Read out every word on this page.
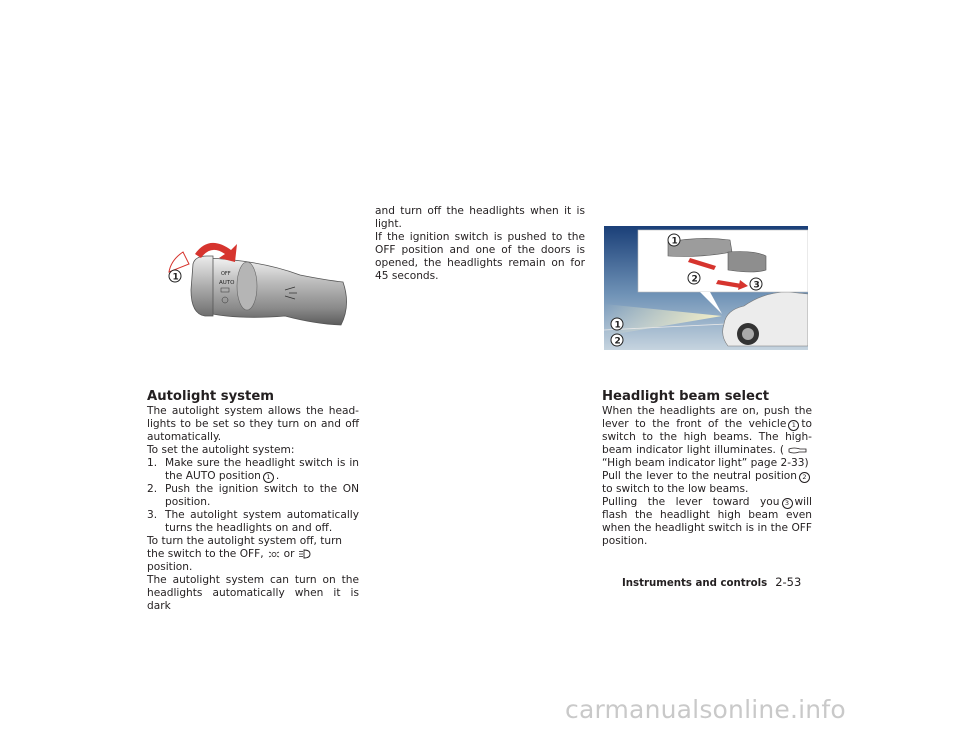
OFF
AUTO
1
1
2
3
1
2
Autolight system

The autolight system allows the head-lights to be set so they turn on and off automatically.

To set the autolight system:

1. Make sure the headlight switch is in the AUTO position 1 .

2. Push the ignition switch to the ON position.

3. The autolight system automatically turns the headlights on and off.

To turn the autolight system off, turn the switch to the OFF, orposition.

The autolight system can turn on the headlights automatically when it is dark

and turn off the headlights when it is light.

If the ignition switch is pushed to the OFF position and one of the doors is opened, the headlights remain on for 45 seconds.

Headlight beam select

When the headlights are on, push the lever to the front of the vehicle 1 to switch to the high beams. The high-beam indicator light illuminates. (“High beam indicator light” page 2-33)

Pull the lever to the neutral position 2to switch to the low beams.

Pulling the lever toward you 3 will flash the headlight high beam even when the headlight switch is in the OFF position.

Instruments and controls 2-53
carmanualsonline.info
